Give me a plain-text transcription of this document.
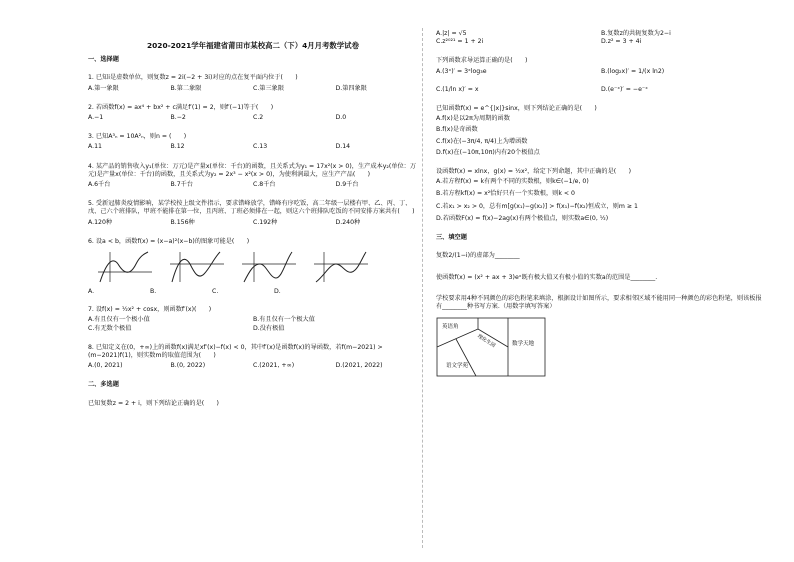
2020-2021学年福建省莆田市某校高二（下）4月月考数学试卷
一、选择题
1. 已知i是虚数单位，则复数z = 2i(−2 + 3i)对应的点在复平面内位于(　　)
A.第一象限	B.第二象限	C.第三象限	D.第四象限
2. 若函数f(x) = ax⁴ + bx² + c满足f′(1) = 2，则f′(−1)等于(　　)
A.−1	B.−2	C.2	D.0
3. 已知A³ₙ = 10A²ₙ，则n = (　　)
A.11	B.12	C.13	D.14
4. 某产品的销售收入y₁(单位：万元)是产量x(单位：千台)的函数，且关系式为y₁ = 17x²(x > 0)，生产成本y₂(单位：万元)是产量x(单位：千台)的函数，且关系式为y₂ = 2x³ − x²(x > 0)，为使利润最大，应生产产品(　　)
A.6千台	B.7千台	C.8千台	D.9千台
5. 受新冠肺炎疫情影响，某学校按上级文件指示，要求错峰放学，错峰有序吃饭，高二年级一层楼有甲、乙、丙、丁、戊、己六个班排队，甲班不能排在第一位，且丙班、丁班必须排在一起，则这六个班排队吃饭的不同安排方案共有(　　)
A.120种	B.156种	C.192种	D.240种
6. 设a < b，函数f(x) = (x−a)²(x−b)的图象可能是(　　)
A.	B.	C.	D.
7. 设f(x) = ½x² + cosx，则函数f′(x)(　　)
A.有且仅有一个极小值	B.有且仅有一个极大值
C.有无数个极值	D.没有极值
8. 已知定义在(0，+∞)上的函数f(x)满足xf′(x)−f(x) < 0，其中f′(x)是函数f(x)的导函数，若f(m−2021) > (m−2021)f(1)，则实数m的取值范围为(　　)
A.(0, 2021)	B.(0, 2022)	C.(2021, +∞)	D.(2021, 2022)
二、多选题
已知复数z = 2 + i，则下列结论正确的是(　　)
A.|z| = √5	B.复数z的共轭复数为2−i
C.z²⁰²¹ = 1 + 2i	D.z² = 3 + 4i
下列函数求导运算正确的是(　　)
A.(3ˣ)′ = 3ˣlog₃e	B.(log₂x)′ = 1/(x ln2)
C.(1/ln x)′ = x	D.(e⁻ˣ)′ = −e⁻ˣ
已知函数f(x) = e^{|x|}sinx，则下列结论正确的是(　　)
A.f(x)是以2π为周期的函数
B.f(x)是奇函数
C.f(x)在(−3π/4, π/4)上为增函数
D.f(x)在(−10π,10π)内有20个极值点
设函数f(x) = xlnx，g(x) = ½x²，给定下列命题，其中正确的是(　　)
A.若方程f(x) = k有两个不同的实数根，则k∈(−1/e, 0)
B.若方程kf(x) = x²恰好只有一个实数根，则k < 0
C.若x₁ > x₂ > 0，总有m[g(x₁)−g(x₂)] > f(x₁)−f(x₂)恒成立，则m ≥ 1
D.若函数F(x) = f(x)−2ag(x)有两个极值点，则实数a∈(0, ½)
三、填空题
复数2/(1−i)的虚部为________
使函数f(x) = (x² + ax + 3)eˣ既有极大值又有极小值的实数a的范围是________.
学校要求用4种不同颜色的彩色粉笔来填涂，根据设计如图所示，要求相邻区域不能用同一种颜色的彩色粉笔，则该板报有________种书写方案.（用数字填写答案）
英语角
理化生园	数学天地
语文学苑
